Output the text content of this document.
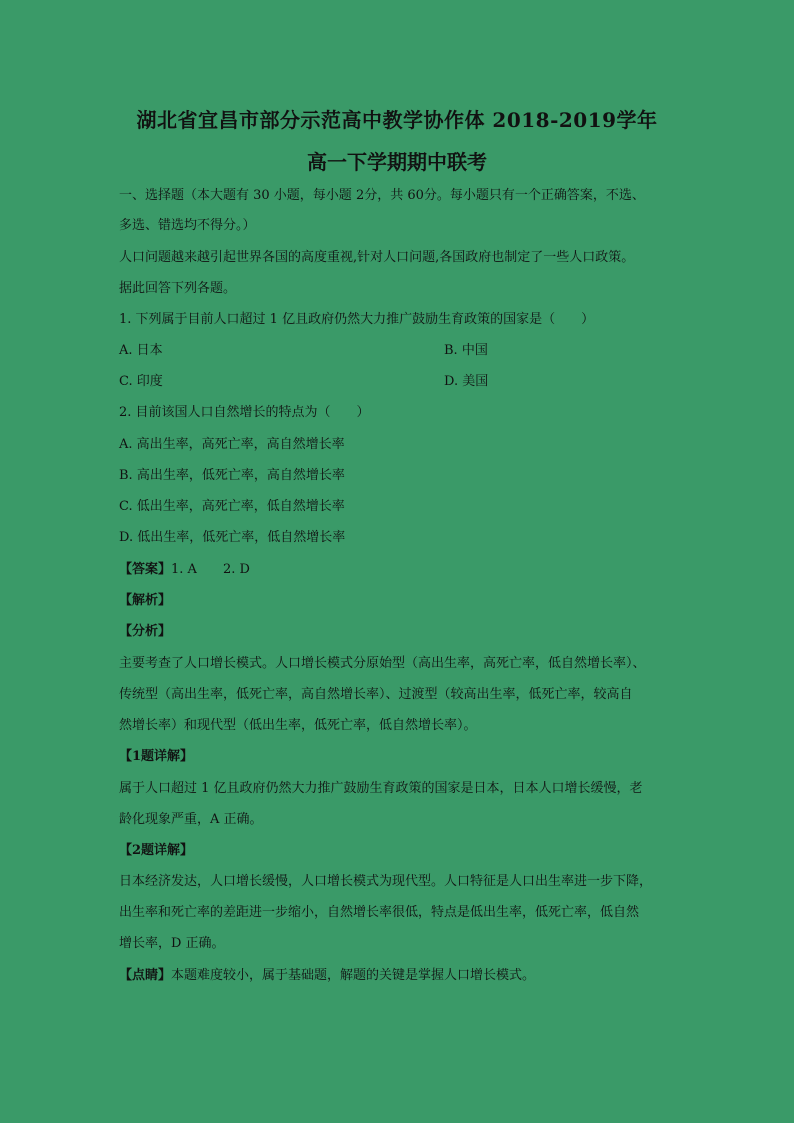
湖北省宜昌市部分示范高中教学协作体 2018-2019学年
高一下学期期中联考
一、选择题（本大题有 30 小题，每小题 2分，共 60分。每小题只有一个正确答案，不选、
多选、错选均不得分。）
人口问题越来越引起世界各国的高度重视,针对人口问题,各国政府也制定了一些人口政策。
据此回答下列各题。
1. 下列属于目前人口超过 1 亿且政府仍然大力推广鼓励生育政策的国家是（　　）
A. 日本	B. 中国
C. 印度	D. 美国
2. 目前该国人口自然增长的特点为（　　）
A. 高出生率，高死亡率，高自然增长率
B. 高出生率，低死亡率，高自然增长率
C. 低出生率，高死亡率，低自然增长率
D. 低出生率，低死亡率，低自然增长率
【答案】1. A　　2. D
【解析】
【分析】
主要考查了人口增长模式。人口增长模式分原始型（高出生率，高死亡率，低自然增长率）、
传统型（高出生率，低死亡率，高自然增长率）、过渡型（较高出生率，低死亡率，较高自
然增长率）和现代型（低出生率，低死亡率，低自然增长率）。
【1题详解】
属于人口超过 1 亿且政府仍然大力推广鼓励生育政策的国家是日本，日本人口增长缓慢，老
龄化现象严重，A 正确。
【2题详解】
日本经济发达，人口增长缓慢，人口增长模式为现代型。人口特征是人口出生率进一步下降，
出生率和死亡率的差距进一步缩小，自然增长率很低，特点是低出生率，低死亡率，低自然
增长率，D 正确。
【点睛】本题难度较小，属于基础题，解题的关键是掌握人口增长模式。
